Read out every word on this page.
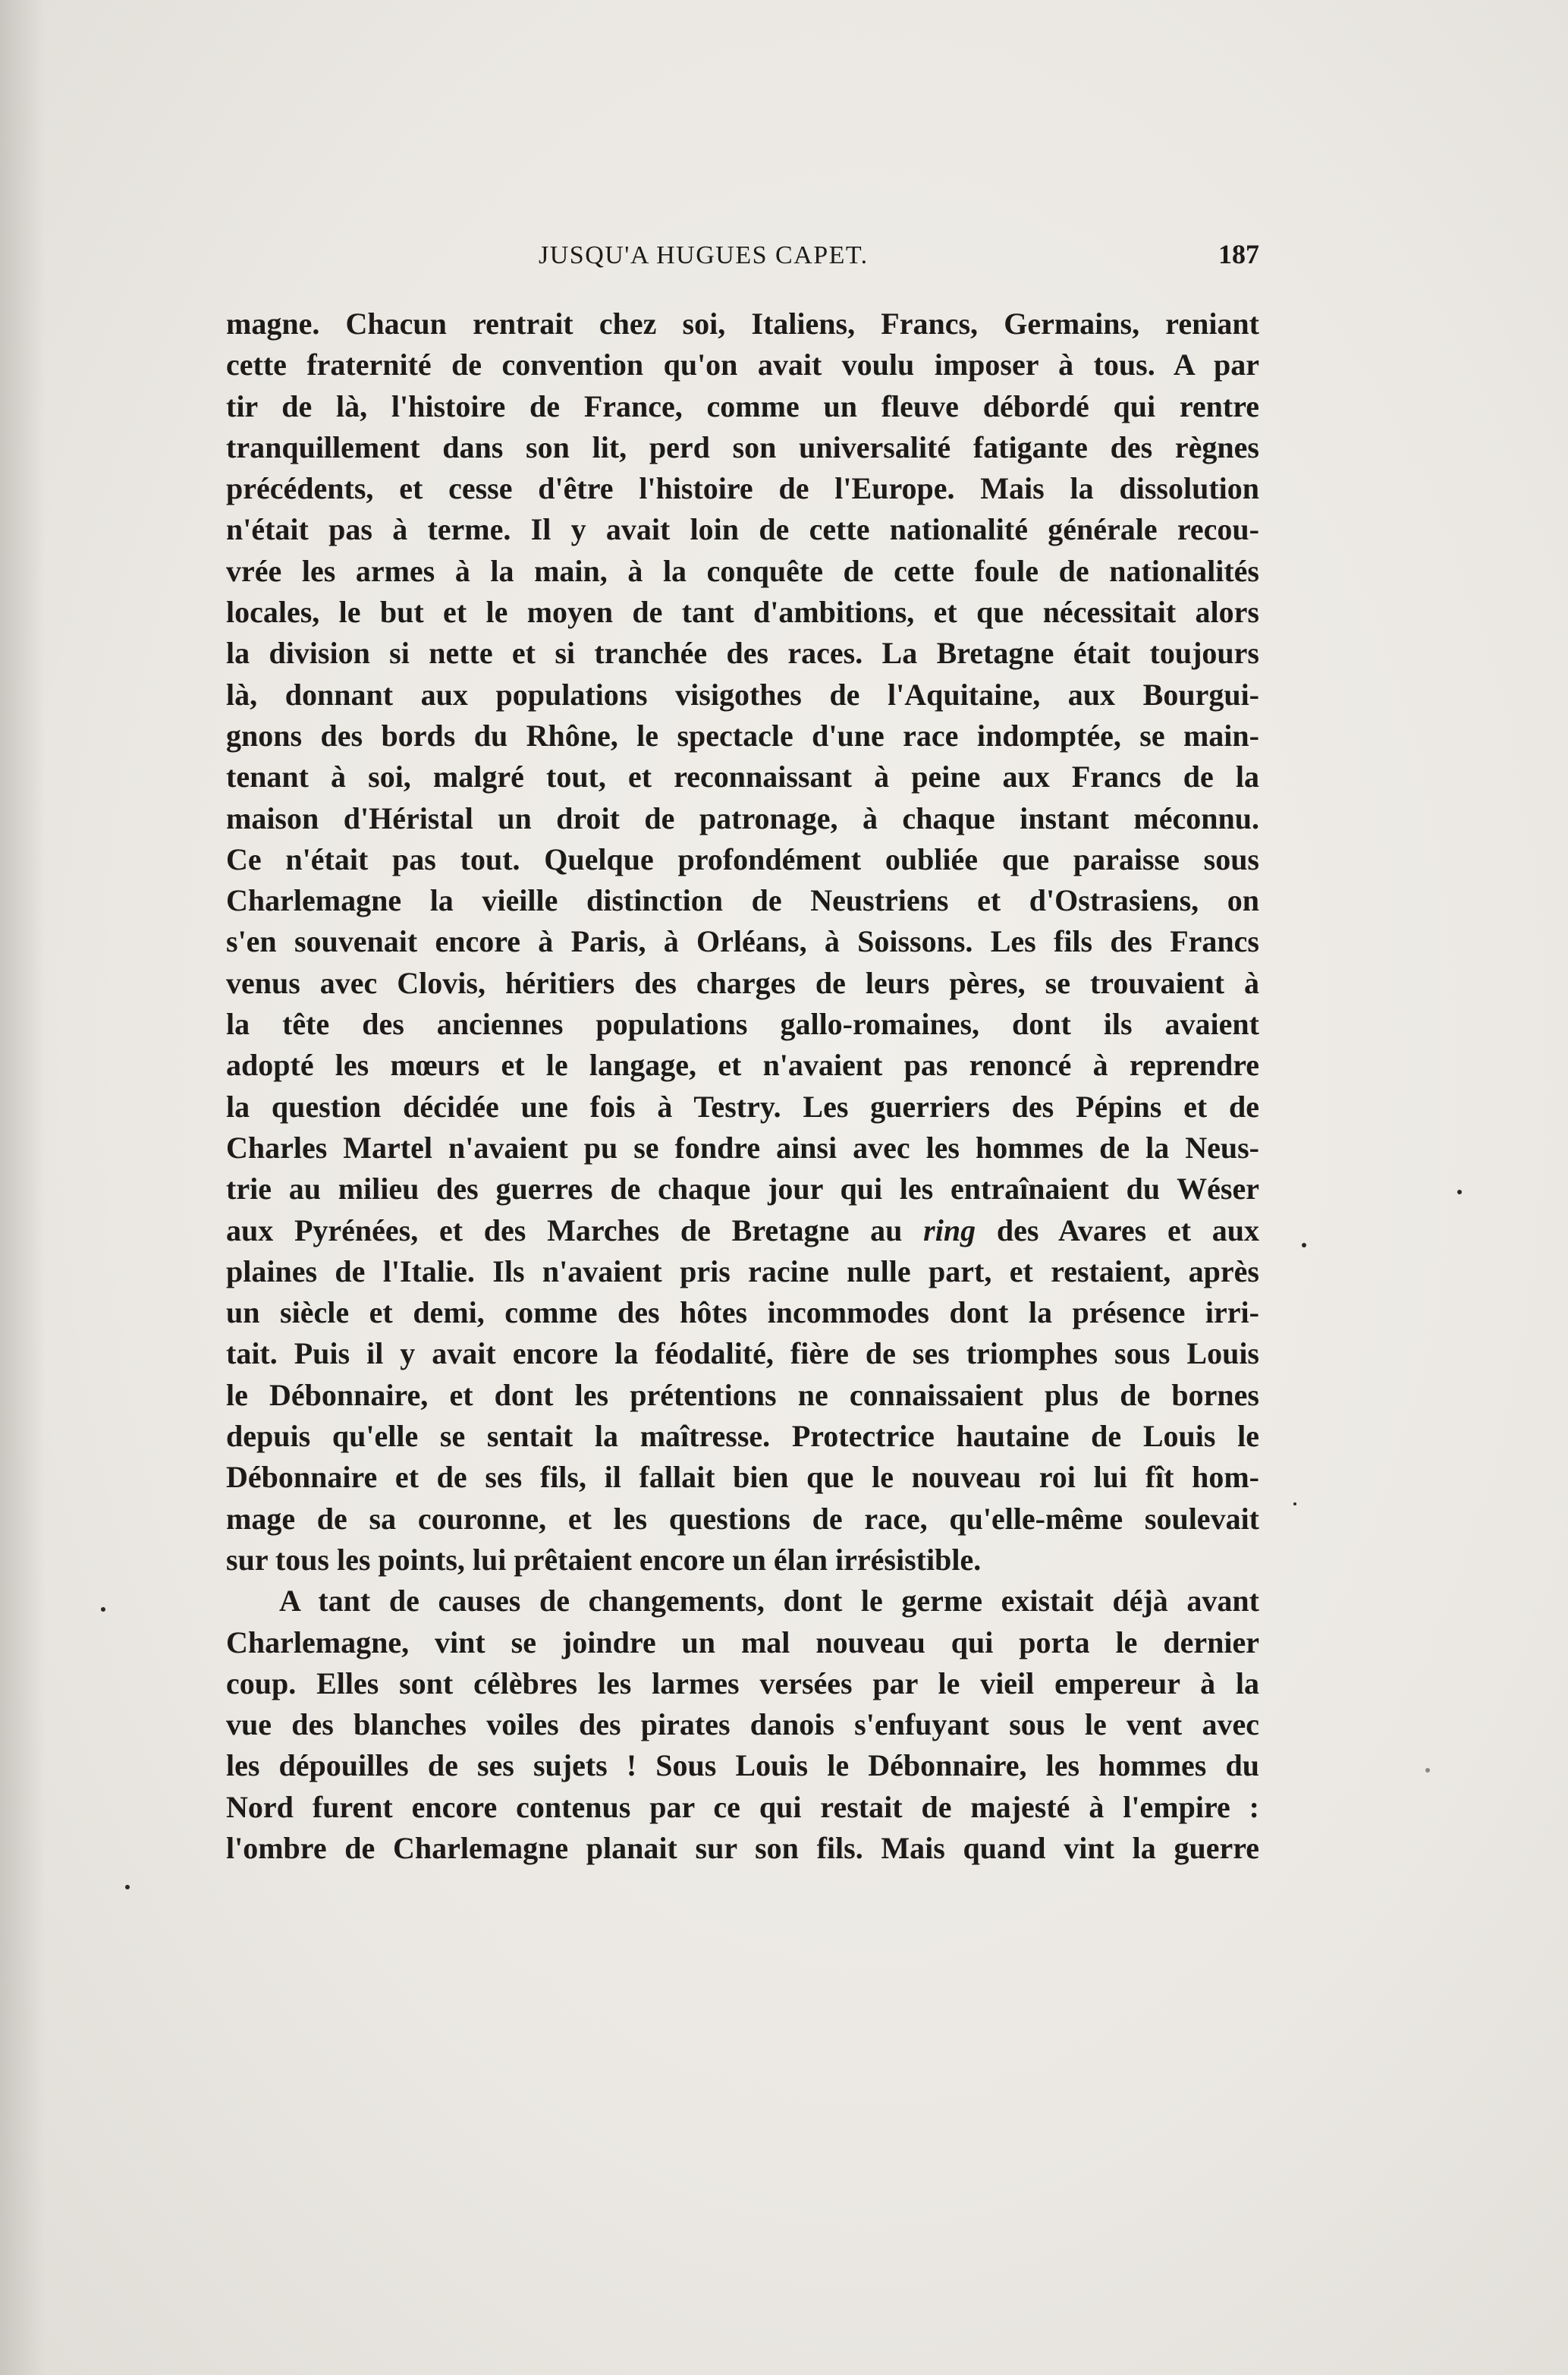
JUSQU'A HUGUES CAPET.	187
magne. Chacun rentrait chez soi, Italiens, Francs, Germains, reniant
cette fraternité de convention qu'on avait voulu imposer à tous. A par
tir de là, l'histoire de France, comme un fleuve débordé qui rentre
tranquillement dans son lit, perd son universalité fatigante des règnes
précédents, et cesse d'être l'histoire de l'Europe. Mais la dissolution
n'était pas à terme. Il y avait loin de cette nationalité générale recou-
vrée les armes à la main, à la conquête de cette foule de nationalités
locales, le but et le moyen de tant d'ambitions, et que nécessitait alors
la division si nette et si tranchée des races. La Bretagne était toujours
là, donnant aux populations visigothes de l'Aquitaine, aux Bourgui-
gnons des bords du Rhône, le spectacle d'une race indomptée, se main-
tenant à soi, malgré tout, et reconnaissant à peine aux Francs de la
maison d'Héristal un droit de patronage, à chaque instant méconnu.
Ce n'était pas tout. Quelque profondément oubliée que paraisse sous
Charlemagne la vieille distinction de Neustriens et d'Ostrasiens, on
s'en souvenait encore à Paris, à Orléans, à Soissons. Les fils des Francs
venus avec Clovis, héritiers des charges de leurs pères, se trouvaient à
la tête des anciennes populations gallo-romaines, dont ils avaient
adopté les mœurs et le langage, et n'avaient pas renoncé à reprendre
la question décidée une fois à Testry. Les guerriers des Pépins et de
Charles Martel n'avaient pu se fondre ainsi avec les hommes de la Neus-
trie au milieu des guerres de chaque jour qui les entraînaient du Wéser
aux Pyrénées, et des Marches de Bretagne au ring des Avares et aux
plaines de l'Italie. Ils n'avaient pris racine nulle part, et restaient, après
un siècle et demi, comme des hôtes incommodes dont la présence irri-
tait. Puis il y avait encore la féodalité, fière de ses triomphes sous Louis
le Débonnaire, et dont les prétentions ne connaissaient plus de bornes
depuis qu'elle se sentait la maîtresse. Protectrice hautaine de Louis le
Débonnaire et de ses fils, il fallait bien que le nouveau roi lui fît hom-
mage de sa couronne, et les questions de race, qu'elle-même soulevait
sur tous les points, lui prêtaient encore un élan irrésistible.
A tant de causes de changements, dont le germe existait déjà avant
Charlemagne, vint se joindre un mal nouveau qui porta le dernier
coup. Elles sont célèbres les larmes versées par le vieil empereur à la
vue des blanches voiles des pirates danois s'enfuyant sous le vent avec
les dépouilles de ses sujets ! Sous Louis le Débonnaire, les hommes du
Nord furent encore contenus par ce qui restait de majesté à l'empire :
l'ombre de Charlemagne planait sur son fils. Mais quand vint la guerre
